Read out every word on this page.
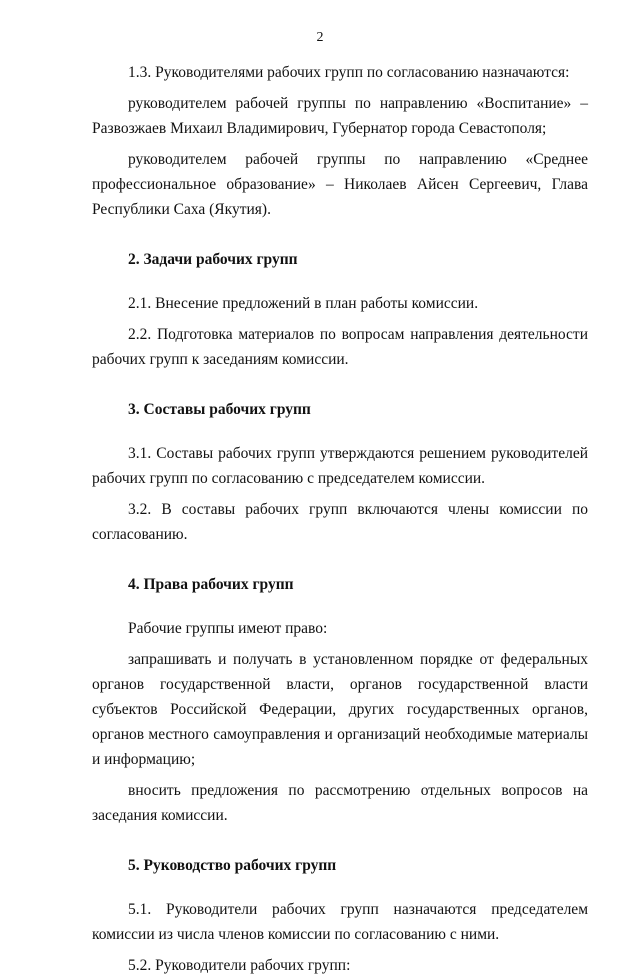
2

1.3. Руководителями рабочих групп по согласованию назначаются:

руководителем рабочей группы по направлению «Воспитание» – Развозжаев Михаил Владимирович, Губернатор города Севастополя;

руководителем рабочей группы по направлению «Среднее профессиональное образование» – Николаев Айсен Сергеевич, Глава Республики Саха (Якутия).

2. Задачи рабочих групп

2.1. Внесение предложений в план работы комиссии.

2.2. Подготовка материалов по вопросам направления деятельности рабочих групп к заседаниям комиссии.

3. Составы рабочих групп

3.1. Составы рабочих групп утверждаются решением руководителей рабочих групп по согласованию с председателем комиссии.

3.2. В составы рабочих групп включаются члены комиссии по согласованию.

4. Права рабочих групп

Рабочие группы имеют право:

запрашивать и получать в установленном порядке от федеральных органов государственной власти, органов государственной власти субъектов Российской Федерации, других государственных органов, органов местного самоуправления и организаций необходимые материалы и информацию;

вносить предложения по рассмотрению отдельных вопросов на заседания комиссии.

5. Руководство рабочих групп

5.1. Руководители рабочих групп назначаются председателем комиссии из числа членов комиссии по согласованию с ними.

5.2. Руководители рабочих групп:
